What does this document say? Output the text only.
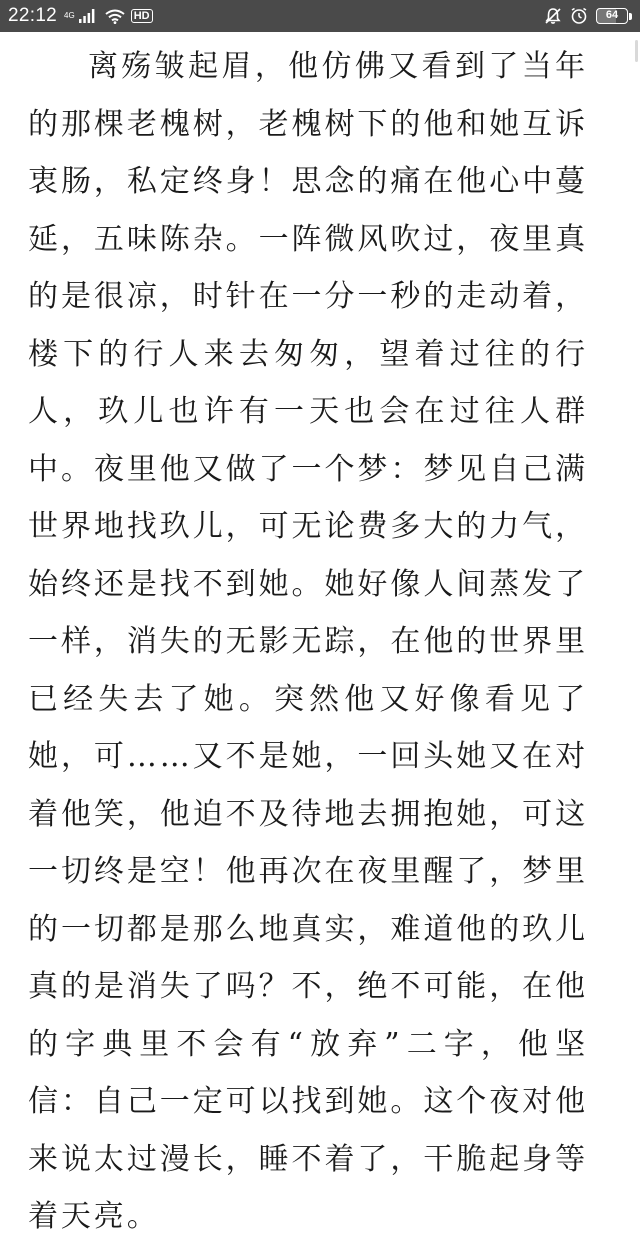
22:12 4G	HD	64

离殇皱起眉，他仿佛又看到了当年的那棵老槐树，老槐树下的他和她互诉衷肠，私定终身！思念的痛在他心中蔓延，五味陈杂。一阵微风吹过，夜里真的是很凉，时针在一分一秒的走动着，楼下的行人来去匆匆，望着过往的行人，玖儿也许有一天也会在过往人群中。夜里他又做了一个梦：梦见自己满世界地找玖儿，可无论费多大的力气，始终还是找不到她。她好像人间蒸发了一样，消失的无影无踪，在他的世界里已经失去了她。突然他又好像看见了她，可……又不是她，一回头她又在对着他笑，他迫不及待地去拥抱她，可这一切终是空！他再次在夜里醒了，梦里的一切都是那么地真实，难道他的玖儿真的是消失了吗？不，绝不可能，在他的字典里不会有“放弃”二字，他坚信：自己一定可以找到她。这个夜对他来说太过漫长，睡不着了，干脆起身等着天亮。
